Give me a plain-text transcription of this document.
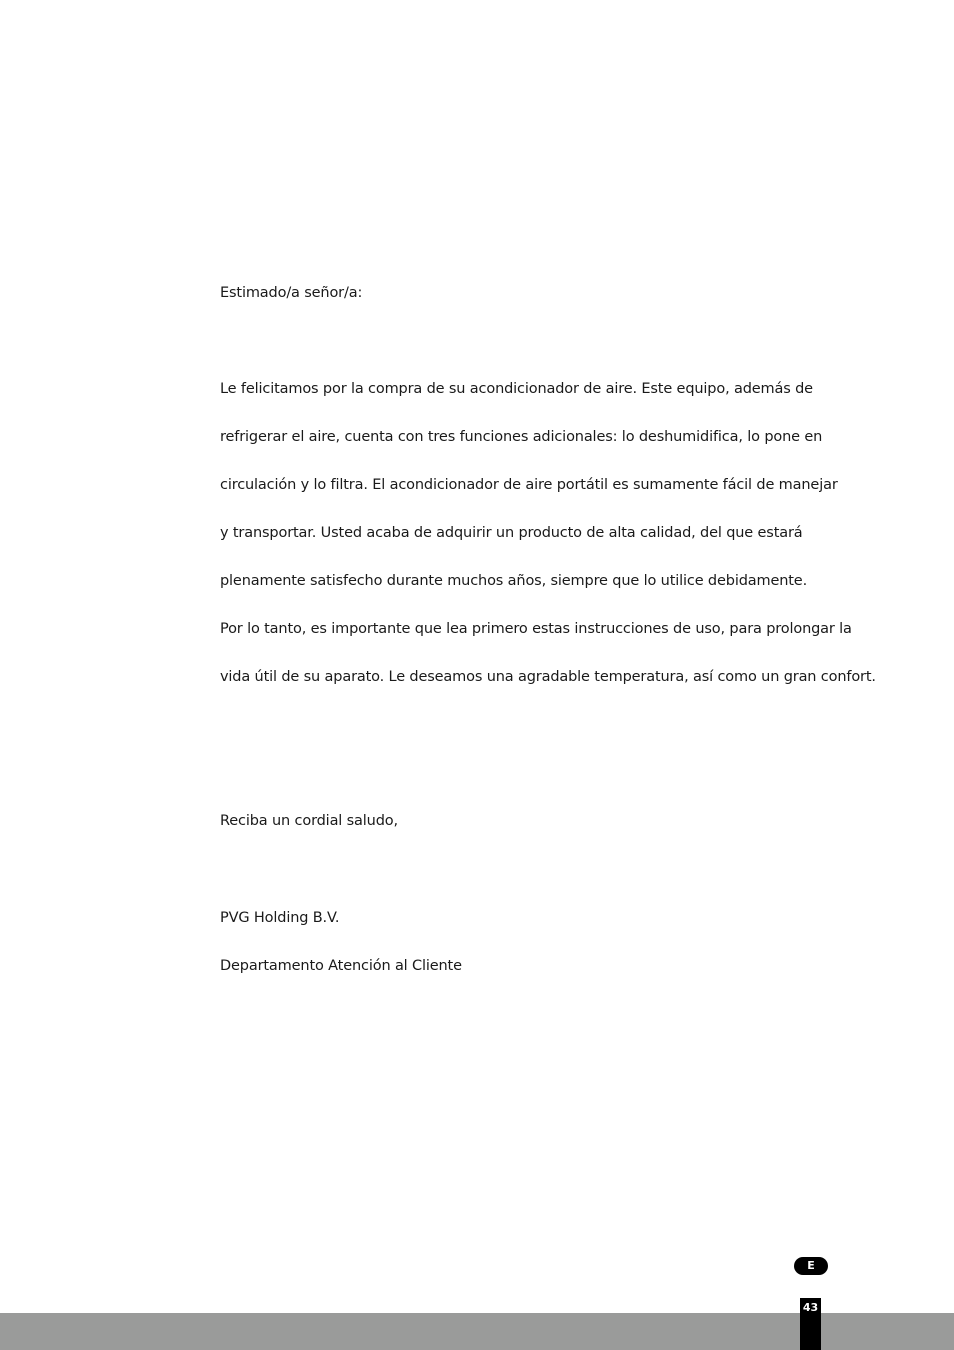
Estimado/a señor/a:
Le felicitamos por la compra de su acondicionador de aire. Este equipo, además de
refrigerar el aire, cuenta con tres funciones adicionales: lo deshumidifica, lo pone en
circulación y lo filtra. El acondicionador de aire portátil es sumamente fácil de manejar
y transportar. Usted acaba de adquirir un producto de alta calidad, del que estará
plenamente satisfecho durante muchos años, siempre que lo utilice debidamente.
Por lo tanto, es importante que lea primero estas instrucciones de uso, para prolongar la
vida útil de su aparato. Le deseamos una agradable temperatura, así como un gran confort.
Reciba un cordial saludo,
PVG Holding B.V.
Departamento Atención al Cliente
E
43
